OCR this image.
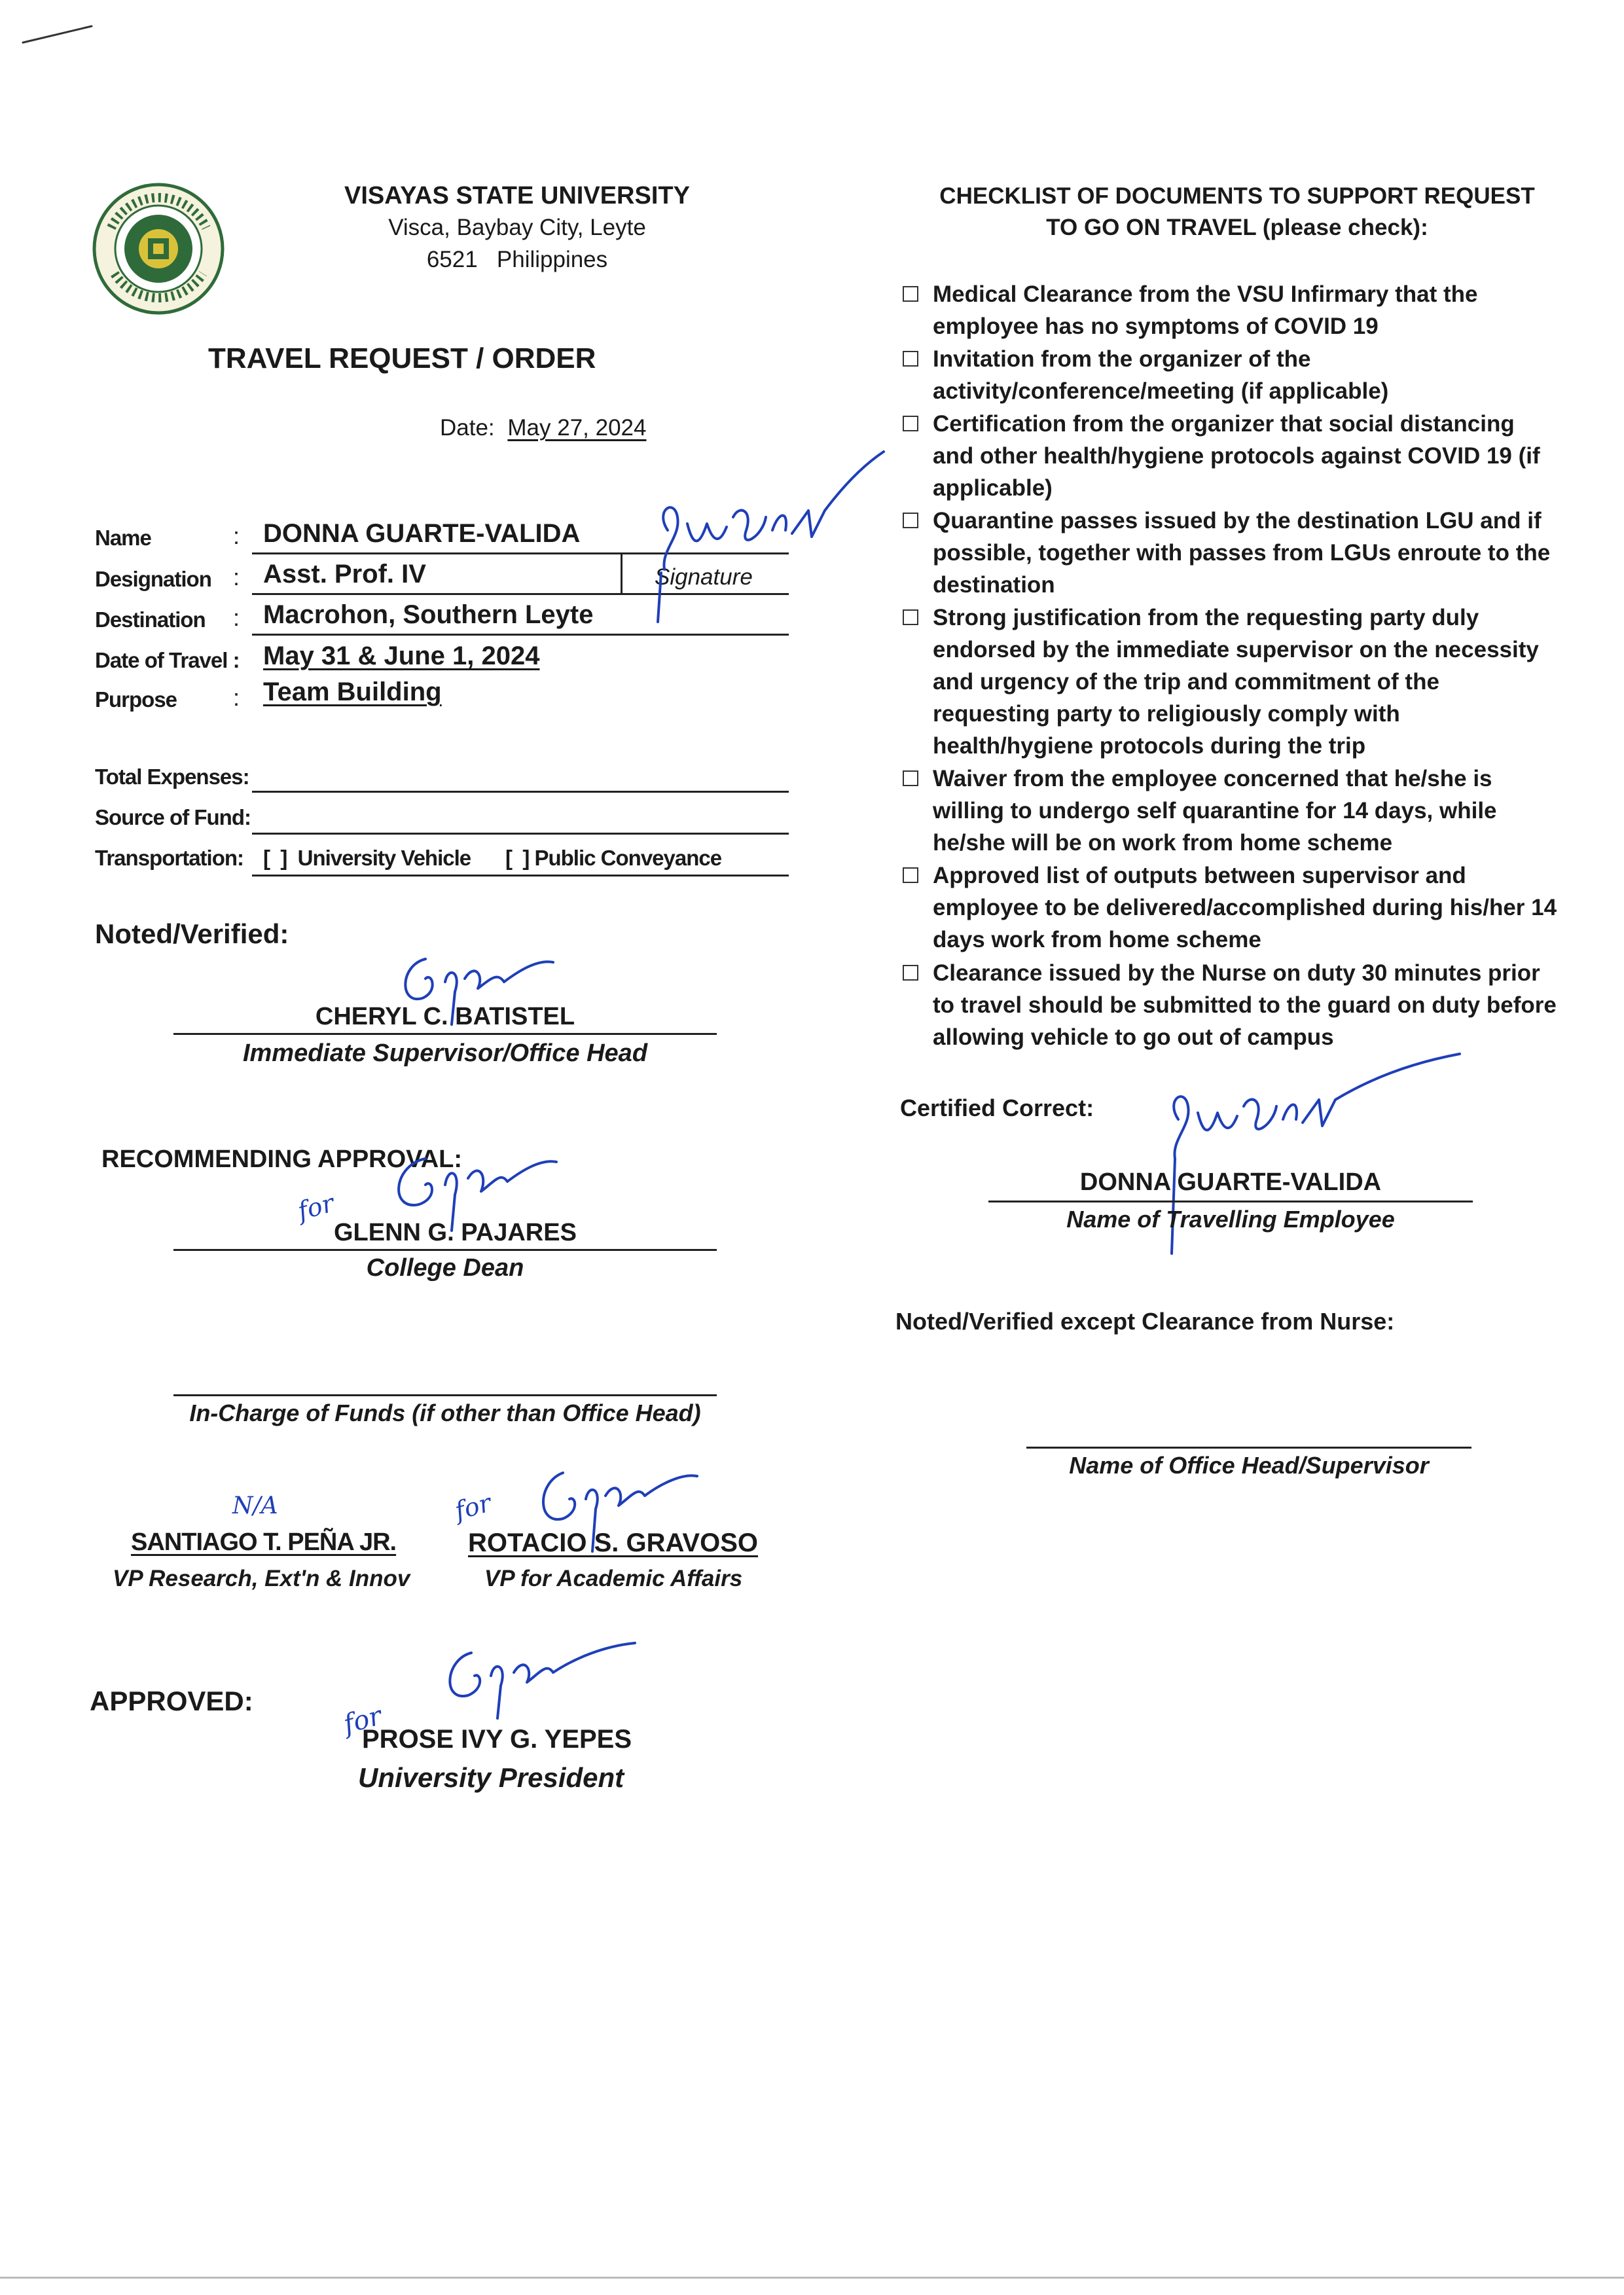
VISAYAS STATE UNIVERSITY
Visca, Baybay City, Leyte
6521   Philippines
TRAVEL REQUEST / ORDER
Date: May 27, 2024
Name	: DONNA GUARTE-VALIDA
Designation : Asst. Prof. IV	Signature
Destination : Macrohon, Southern Leyte
Date of Travel : May 31 & June 1, 2024
Purpose : Team Building
Total Expenses:
Source of Fund:
Transportation: [  ]  University Vehicle [  ] Public Conveyance
Noted/Verified:
CHERYL C. BATISTEL
Immediate Supervisor/Office Head
RECOMMENDING APPROVAL:
for
GLENN G. PAJARES
College Dean
In-Charge of Funds (if other than Office Head)
N/A
SANTIAGO T. PEÑA JR.
VP Research, Ext'n & Innov
for
ROTACIO S. GRAVOSO
VP for Academic Affairs
APPROVED:	for
PROSE IVY G. YEPES
University President
CHECKLIST OF DOCUMENTS TO SUPPORT REQUEST
TO GO ON TRAVEL (please check):
Medical Clearance from the VSU Infirmary that the employee has no symptoms of COVID 19
Invitation from the organizer of the activity/conference/meeting (if applicable)
Certification from the organizer that social distancing and other health/hygiene protocols against COVID 19 (if applicable)
Quarantine passes issued by the destination LGU and if possible, together with passes from LGUs enroute to the destination
Strong justification from the requesting party duly endorsed by the immediate supervisor on the necessity and urgency of the trip and commitment of the requesting party to religiously comply with health/hygiene protocols during the trip
Waiver from the employee concerned that he/she is willing to undergo self quarantine for 14 days, while he/she will be on work from home scheme
Approved list of outputs between supervisor and employee to be delivered/accomplished during his/her 14 days work from home scheme
Clearance issued by the Nurse on duty 30 minutes prior to travel should be submitted to the guard on duty before allowing vehicle to go out of campus
Certified Correct:
DONNA GUARTE-VALIDA
Name of Travelling Employee
Noted/Verified except Clearance from Nurse:
Name of Office Head/Supervisor
